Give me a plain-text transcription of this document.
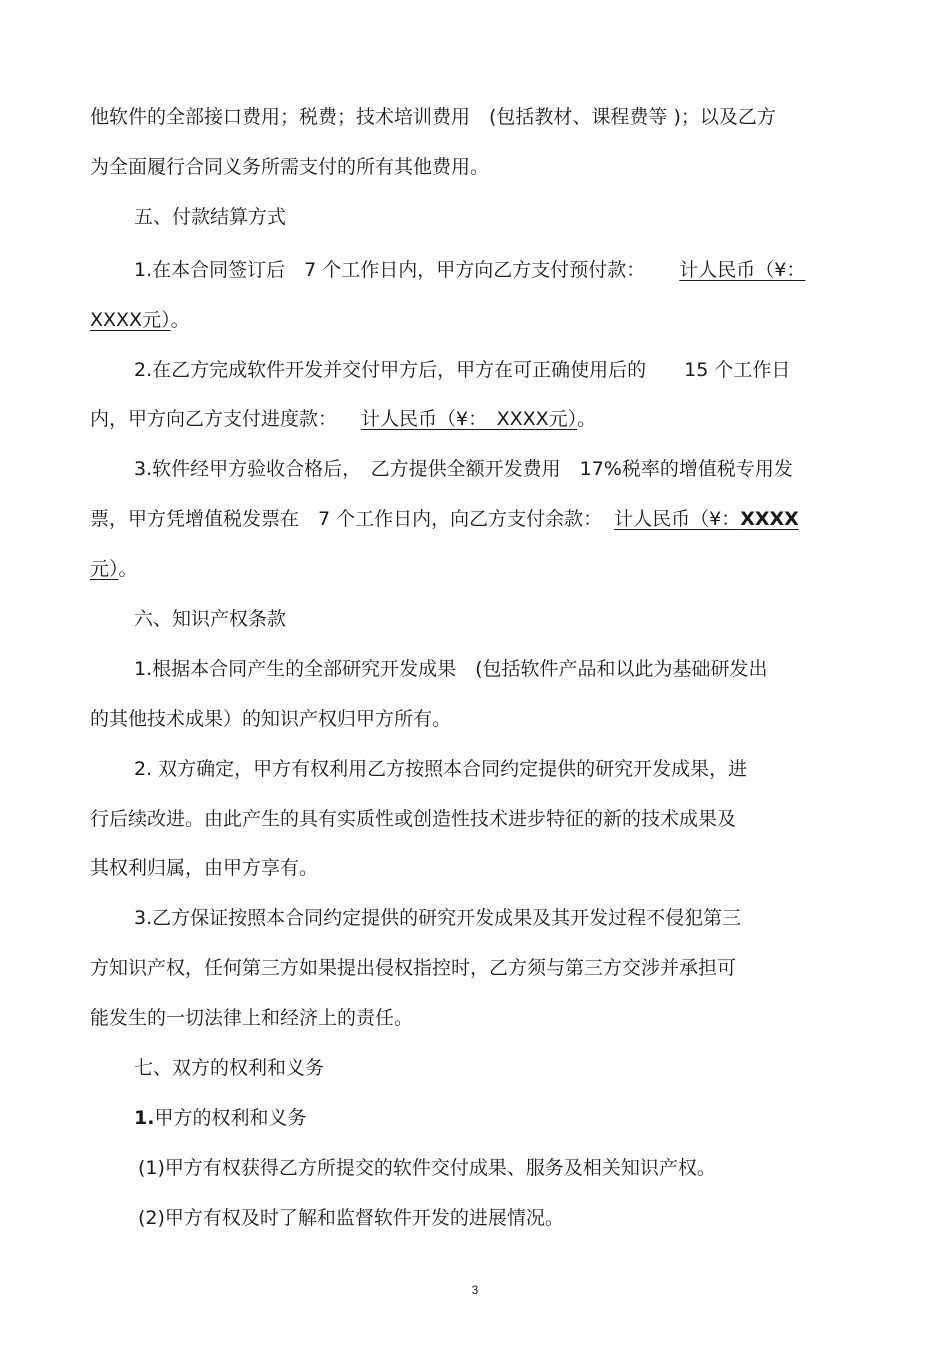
他软件的全部接口费用；税费；技术培训费用　(包括教材、课程费等 )；以及乙方
为全面履行合同义务所需支付的所有其他费用。
五、付款结算方式
1.在本合同签订后　7 个工作日内，甲方向乙方支付预付款： 计人民币（¥：
XXXX元）。
2.在乙方完成软件开发并交付甲方后，甲方在可正确使用后的　　15 个工作日
内，甲方向乙方支付进度款： 计人民币（¥：　XXXX元）。
3.软件经甲方验收合格后，　乙方提供全额开发费用　17%税率的增值税专用发
票，甲方凭增值税发票在　7 个工作日内，向乙方支付余款： 计人民币（¥：XXXX
元）。
六、知识产权条款
1.根据本合同产生的全部研究开发成果　(包括软件产品和以此为基础研发出
的其他技术成果）的知识产权归甲方所有。
2. 双方确定，甲方有权利用乙方按照本合同约定提供的研究开发成果，进
行后续改进。由此产生的具有实质性或创造性技术进步特征的新的技术成果及
其权利归属，由甲方享有。
3.乙方保证按照本合同约定提供的研究开发成果及其开发过程不侵犯第三
方知识产权，任何第三方如果提出侵权指控时，乙方须与第三方交涉并承担可
能发生的一切法律上和经济上的责任。
七、双方的权利和义务
1.甲方的权利和义务
(1)甲方有权获得乙方所提交的软件交付成果、服务及相关知识产权。
(2)甲方有权及时了解和监督软件开发的进展情况。
3
